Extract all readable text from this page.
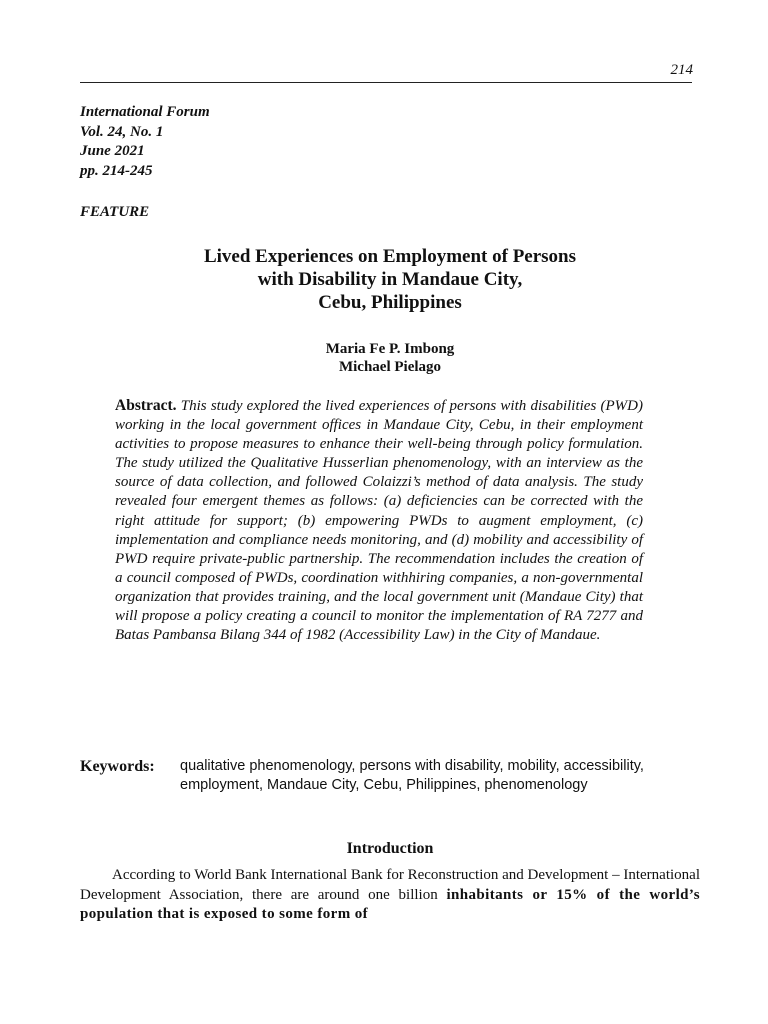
214
International Forum
Vol. 24, No. 1
June 2021
pp. 214-245
FEATURE
Lived Experiences on Employment of Persons
with Disability in Mandaue City,
Cebu, Philippines
Maria Fe P. Imbong
Michael Pielago
Abstract. This study explored the lived experiences of persons with disabilities (PWD) working in the local government offices in Mandaue City, Cebu, in their employment activities to propose measures to enhance their well-being through policy formulation. The study utilized the Qualitative Husserlian phenomenology, with an interview as the source of data collection, and followed Colaizzi’s method of data analysis. The study revealed four emergent themes as follows: (a) deficiencies can be corrected with the right attitude for support; (b) empowering PWDs to augment employment, (c) implementation and compliance needs monitoring, and (d) mobility and accessibility of PWD require private-public partnership. The recommendation includes the creation of a council composed of PWDs, coordination withhiring companies, a non-governmental organization that provides training, and the local government unit (Mandaue City) that will propose a policy creating a council to monitor the implementation of RA 7277 and Batas Pambansa Bilang 344 of 1982 (Accessibility Law) in the City of Mandaue.
Keywords: qualitative phenomenology, persons with disability, mobility, accessibility, employment, Mandaue City, Cebu, Philippines, phenomenology
Introduction
According to World Bank International Bank for Reconstruction and Development – International Development Association, there are around one billion inhabitants or 15% of the world’s population that is exposed to some form of
